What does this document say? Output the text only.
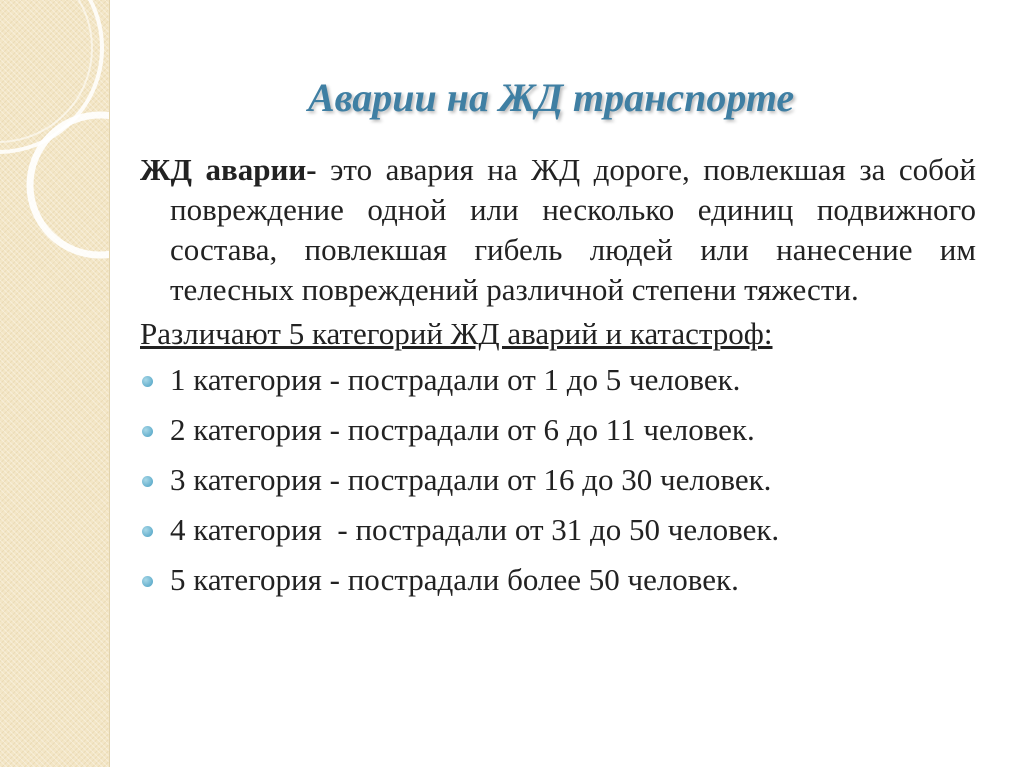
Аварии на ЖД транспорте

ЖД аварии- это авария на ЖД дороге, повлекшая за собой повреждение одной или несколько единиц подвижного состава, повлекшая гибель людей или нанесение им телесных повреждений различной степени тяжести.

Различают 5 категорий ЖД аварий и катастроф:

1 категория - пострадали от 1 до 5 человек.
2 категория - пострадали от 6 до 11 человек.
3 категория - пострадали от 16 до 30 человек.
4 категория  - пострадали от 31 до 50 человек.
5 категория - пострадали более 50 человек.
